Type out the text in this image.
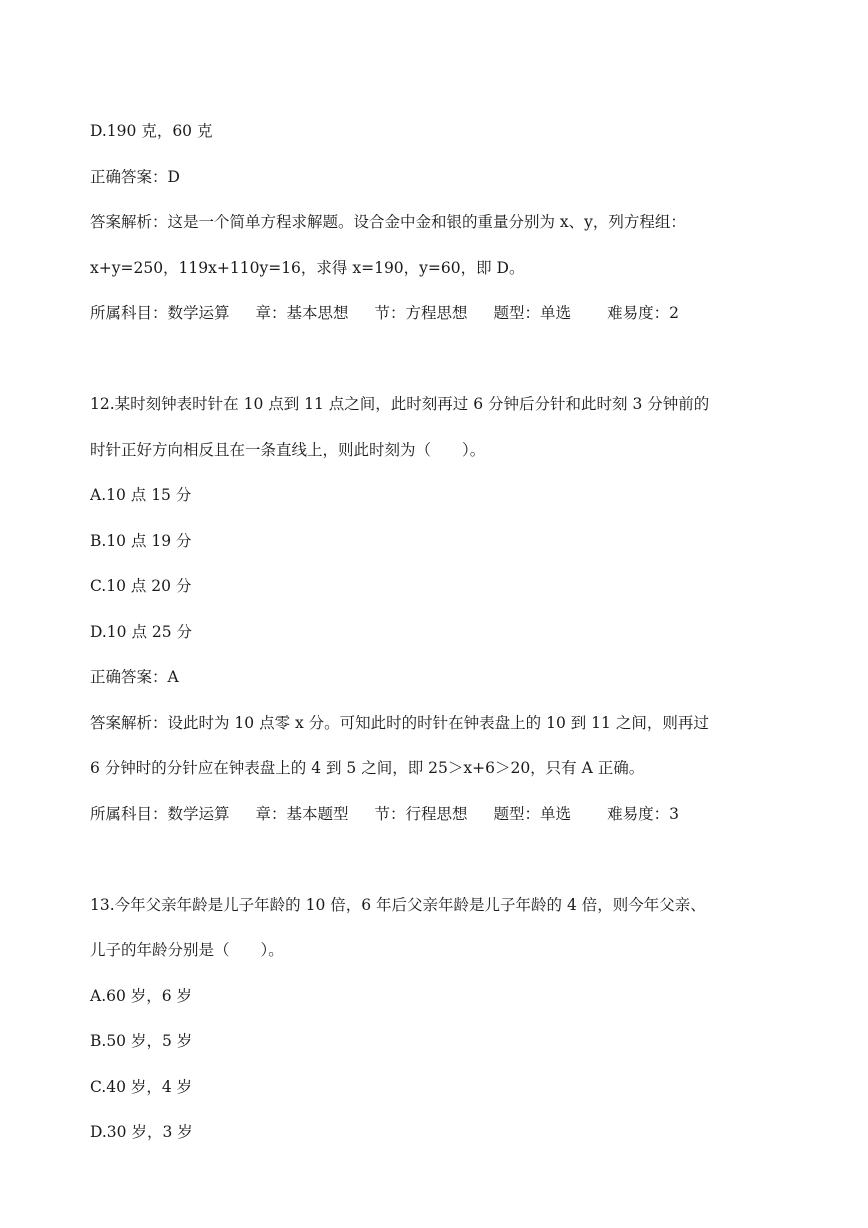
D.190 克，60 克
正确答案：D
答案解析：这是一个简单方程求解题。设合金中金和银的重量分别为 x、y，列方程组：
x+y=250，119x+110y=16，求得 x=190，y=60，即 D。
所属科目：数学运算 章：基本思想 节：方程思想 题型：单选 难易度：2
12.某时刻钟表时针在 10 点到 11 点之间，此时刻再过 6 分钟后分针和此时刻 3 分钟前的
时针正好方向相反且在一条直线上，则此时刻为（　　）。
A.10 点 15 分
B.10 点 19 分
C.10 点 20 分
D.10 点 25 分
正确答案：A
答案解析：设此时为 10 点零 x 分。可知此时的时针在钟表盘上的 10 到 11 之间，则再过
6 分钟时的分针应在钟表盘上的 4 到 5 之间，即 25＞x+6＞20，只有 A 正确。
所属科目：数学运算 章：基本题型 节：行程思想 题型：单选 难易度：3
13.今年父亲年龄是儿子年龄的 10 倍，6 年后父亲年龄是儿子年龄的 4 倍，则今年父亲、
儿子的年龄分别是（　　）。
A.60 岁，6 岁
B.50 岁，5 岁
C.40 岁，4 岁
D.30 岁，3 岁
